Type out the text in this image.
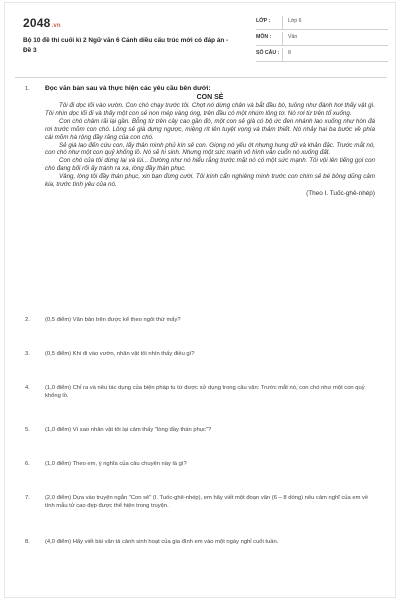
2048.vn
Bộ 10 đề thi cuối kì 2 Ngữ văn 6 Cánh diều cấu trúc mới có đáp án - Đề 3
LỚP :	Lớp 6
MÔN :	Văn
SỐ CÂU : 8
1. Đọc văn bản sau và thực hiện các yêu cầu bên dưới:
CON SẺ

Tôi đi dọc lối vào vườn. Con chó chạy trước tôi. Chợt nó dừng chân và bắt đầu bò, tuồng như đánh hơi thấy vật gì. Tôi nhìn dọc lối đi và thấy một con sẻ non mép vàng óng, trên đầu có một nhúm lông tơ. Nó rơi từ trên tổ xuống.

Con chó chậm rãi lại gần. Bỗng từ trên cây cao gần đó, một con sẻ già có bộ ức đen nhánh lao xuống như hòn đá rơi trước mõm con chó. Lông sẻ già dựng ngược, miệng rít lên tuyệt vọng và thảm thiết. Nó nhảy hai ba bước về phía cái mõm há rộng đầy răng của con chó.

Sẻ già lao đến cứu con, lấy thân mình phủ kín sẻ con. Giọng nó yếu ớt nhưng hung dữ và khản đặc. Trước mắt nó, con chó như một con quỷ khổng lồ. Nó sẽ hi sinh. Nhưng một sức mạnh vô hình vẫn cuốn nó xuống đất.

Con chó của tôi dừng lại và lùi... Dường như nó hiểu rằng trước mặt nó có một sức mạnh. Tôi vội lên tiếng gọi con chó đang bối rối ấy tránh ra xa, lòng đầy thán phục.

Vâng, lòng tôi đầy thán phục, xin bạn đừng cười. Tôi kính cẩn nghiêng mình trước con chim sẻ bé bỏng dũng cảm kia, trước tình yêu của nó.

(Theo I. Tuốc-ghê-nhép)
2.	(0,5 điểm) Văn bản trên được kể theo ngôi thứ mấy?
3.	(0,5 điểm) Khi đi vào vườn, nhân vật tôi nhìn thấy điều gì?
4.	(1,0 điểm) Chỉ ra và nêu tác dụng của biện pháp tu từ được sử dụng trong câu văn: Trước mắt nó, con chó như một con quỷ khổng lồ.
5.	(1,0 điểm) Vì sao nhân vật tôi lại cảm thấy "lòng đầy thán phục"?
6.	(1,0 điểm) Theo em, ý nghĩa của câu chuyện này là gì?
7.	(2,0 điểm) Dựa vào truyện ngắn "Con sẻ" (I. Tuốc-ghê-nhép), em hãy viết một đoạn văn (6 – 8 dòng) nêu cảm nghĩ của em về tình mẫu tử cao đẹp được thể hiện trong truyện.
8.	(4,0 điểm) Hãy viết bài văn tả cảnh sinh hoạt của gia đình em vào một ngày nghỉ cuối tuần.
